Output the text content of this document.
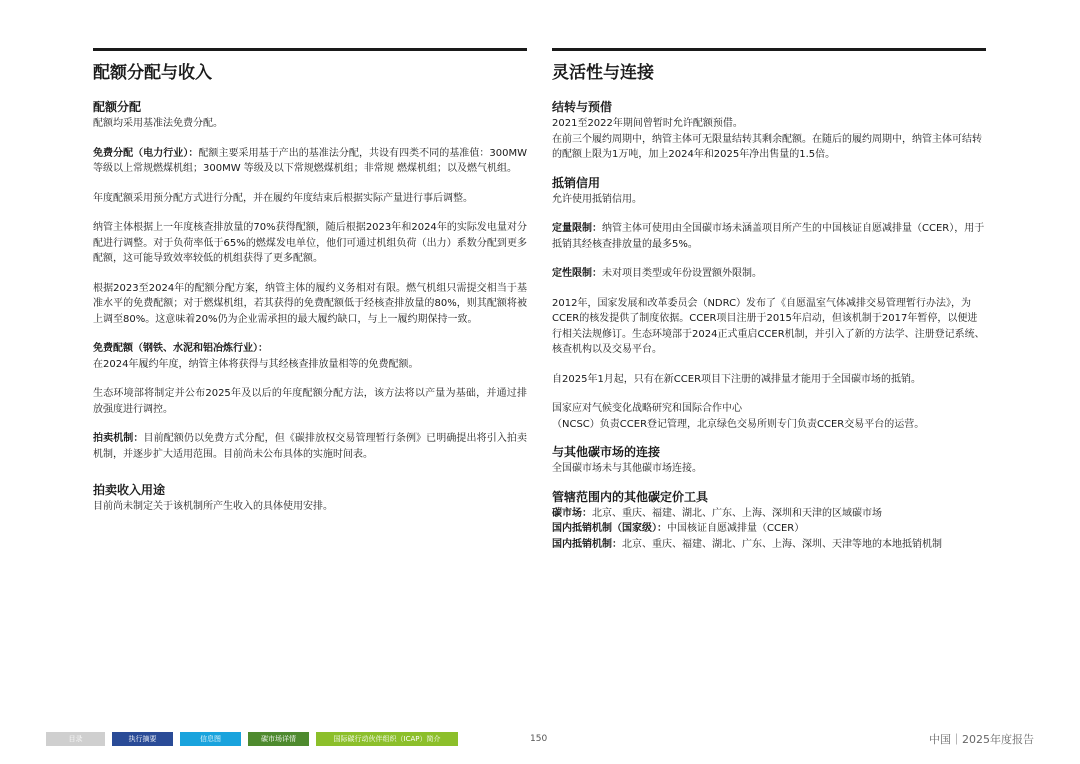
配额分配与收入
配额分配

配额均采用基准法免费分配。

免费分配（电力行业）：配额主要采用基于产出的基准法分配，共设有四类不同的基准值：300MW 等级以上常规燃煤机组；300MW 等级及以下常规燃煤机组；非常规 燃煤机组；以及燃气机组。

年度配额采用预分配方式进行分配，并在履约年度结束后根据实际产量进行事后调整。

纳管主体根据上一年度核查排放量的70%获得配额，随后根据2023年和2024年的实际发电量对分配进行调整。对于负荷率低于65%的燃煤发电单位，他们可通过机组负荷（出力）系数分配到更多配额，这可能导致效率较低的机组获得了更多配额。

根据2023至2024年的配额分配方案，纳管主体的履约义务相对有限。燃气机组只需提交相当于基准水平的免费配额；对于燃煤机组，若其获得的免费配额低于经核查排放量的80%，则其配额将被上调至80%。这意味着20%仍为企业需承担的最大履约缺口，与上一履约期保持一致。

免费配额（钢铁、水泥和铝冶炼行业）：
在2024年履约年度，纳管主体将获得与其经核查排放量相等的免费配额。

生态环境部将制定并公布2025年及以后的年度配额分配方法，该方法将以产量为基础，并通过排放强度进行调控。

拍卖机制：目前配额仍以免费方式分配，但《碳排放权交易管理暂行条例》已明确提出将引入拍卖机制，并逐步扩大适用范围。目前尚未公布具体的实施时间表。

拍卖收入用途

目前尚未制定关于该机制所产生收入的具体使用安排。

灵活性与连接
结转与预借

2021至2022年期间曾暂时允许配额预借。

在前三个履约周期中，纳管主体可无限量结转其剩余配额。在随后的履约周期中，纳管主体可结转的配额上限为1万吨，加上2024年和2025年净出售量的1.5倍。

抵销信用

允许使用抵销信用。

定量限制：纳管主体可使用由全国碳市场未涵盖项目所产生的中国核证自愿减排量（CCER），用于抵销其经核查排放量的最多5%。

定性限制：未对项目类型或年份设置额外限制。

2012年，国家发展和改革委员会（NDRC）发布了《自愿温室气体减排交易管理暂行办法》，为CCER的核发提供了制度依据。CCER项目注册于2015年启动，但该机制于2017年暂停，以便进行相关法规修订。生态环境部于2024正式重启CCER机制，并引入了新的方法学、注册登记系统、核查机构以及交易平台。

自2025年1月起，只有在新CCER项目下注册的减排量才能用于全国碳市场的抵销。

国家应对气候变化战略研究和国际合作中心
（NCSC）负责CCER登记管理，北京绿色交易所则专门负责CCER交易平台的运营。

与其他碳市场的连接

全国碳市场未与其他碳市场连接。

管辖范围内的其他碳定价工具

碳市场：北京、重庆、福建、湖北、广东、上海、深圳和天津的区域碳市场

国内抵销机制（国家级）：中国核证自愿减排量（CCER）

国内抵销机制：北京、重庆、福建、湖北、广东、上海、深圳、天津等地的本地抵销机制

目录	执行摘要	信息图	碳市场详情	国际碳行动伙伴组织（ICAP）简介	150	中国｜2025年度报告
